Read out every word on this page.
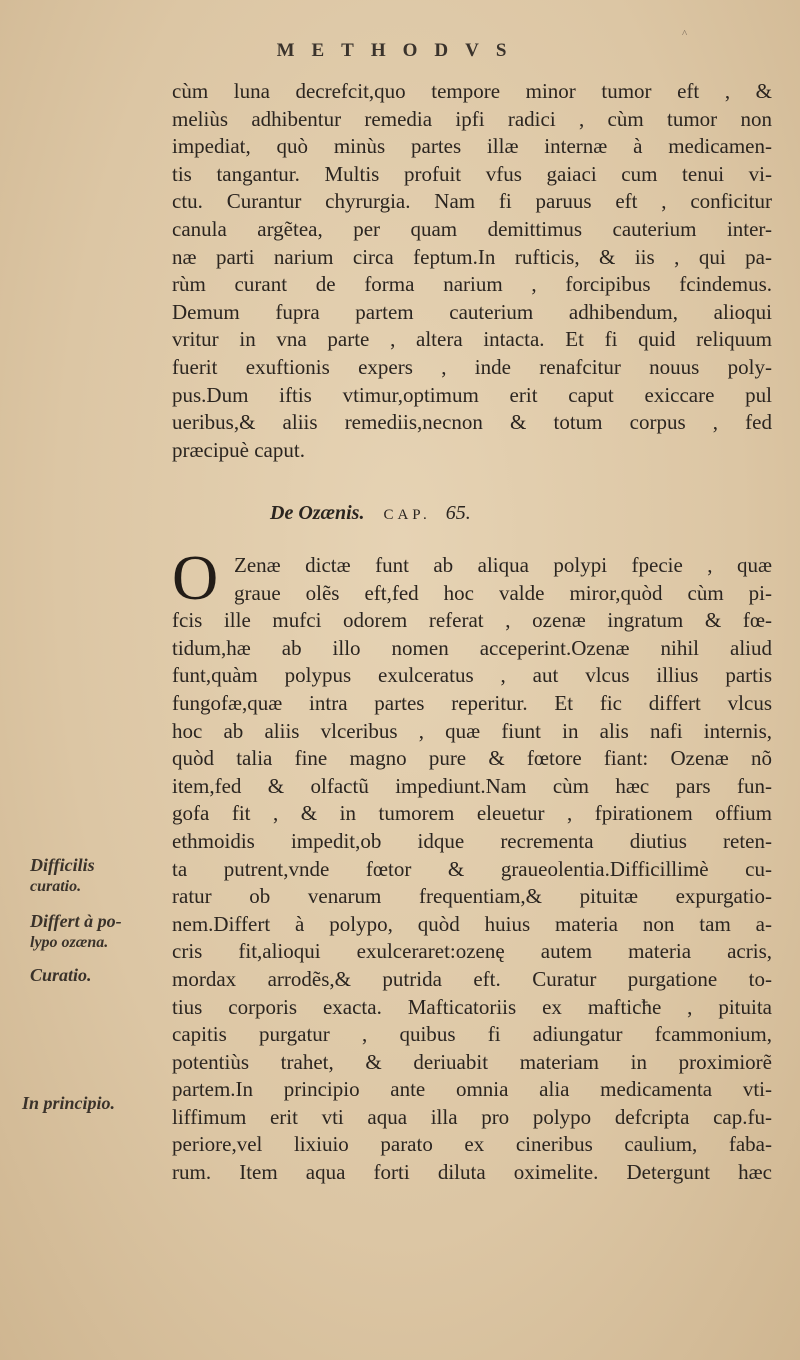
METHODVS
^
cùm luna decrefcit,quo tempore minor tumor eft , &
meliùs adhibentur remedia ipfi radici , cùm tumor non
impediat, quò minùs partes illæ internæ à medicamen-
tis tangantur. Multis profuit vfus gaiaci cum tenui vi-
ctu. Curantur chyrurgia. Nam fi paruus eft , conficitur
canula argẽtea, per quam demittimus cauterium inter-
næ parti narium circa feptum.In rufticis, & iis , qui pa-
rùm curant de forma narium , forcipibus fcindemus.
Demum fupra partem cauterium adhibendum, alioqui
vritur in vna parte , altera intacta. Et fi quid reliquum
fuerit exuftionis expers , inde renafcitur nouus poly-
pus.Dum iftis vtimur,optimum erit caput exiccare pul
ueribus,& aliis remediis,necnon & totum corpus , fed
præcipuè caput.
De Ozænis. CAP. 65.
O Zenæ dictæ funt ab aliqua polypi fpecie , quæ
graue olẽs eft,fed hoc valde miror,quòd cùm pi-
fcis ille mufci odorem referat , ozenæ ingratum & fœ-
tidum,hæ ab illo nomen acceperint.Ozenæ nihil aliud
funt,quàm polypus exulceratus , aut vlcus illius partis
fungofæ,quæ intra partes reperitur. Et fic differt vlcus
hoc ab aliis vlceribus , quæ fiunt in alis nafi internis,
quòd talia fine magno pure & fœtore fiant: Ozenæ nõ
item,fed & olfactũ impediunt.Nam cùm hæc pars fun-
gofa fit , & in tumorem eleuetur , fpirationem offium
ethmoidis impedit,ob idque recrementa diutius reten-
ta putrent,vnde fœtor & graueolentia.Difficillimè cu-
ratur ob venarum frequentiam,& pituitæ expurgatio-
nem.Differt à polypo, quòd huius materia non tam a-
cris fit,alioqui exulceraret:ozenę autem materia acris,
mordax arrodẽs,& putrida eft. Curatur purgatione to-
tius corporis exacta. Mafticatoriis ex mafticħe , pituita
capitis purgatur , quibus fi adiungatur fcammonium,
potentiùs trahet, & deriuabit materiam in proximiorẽ
partem.In principio ante omnia alia medicamenta vti-
liffimum erit vti aqua illa pro polypo defcripta cap.fu-
periore,vel lixiuio parato ex cineribus caulium, faba-
rum. Item aqua forti diluta oximelite. Detergunt hæc
Difficilis
curatio.
Differt à po-
lypo ozæna.
Curatio.
In principio.
